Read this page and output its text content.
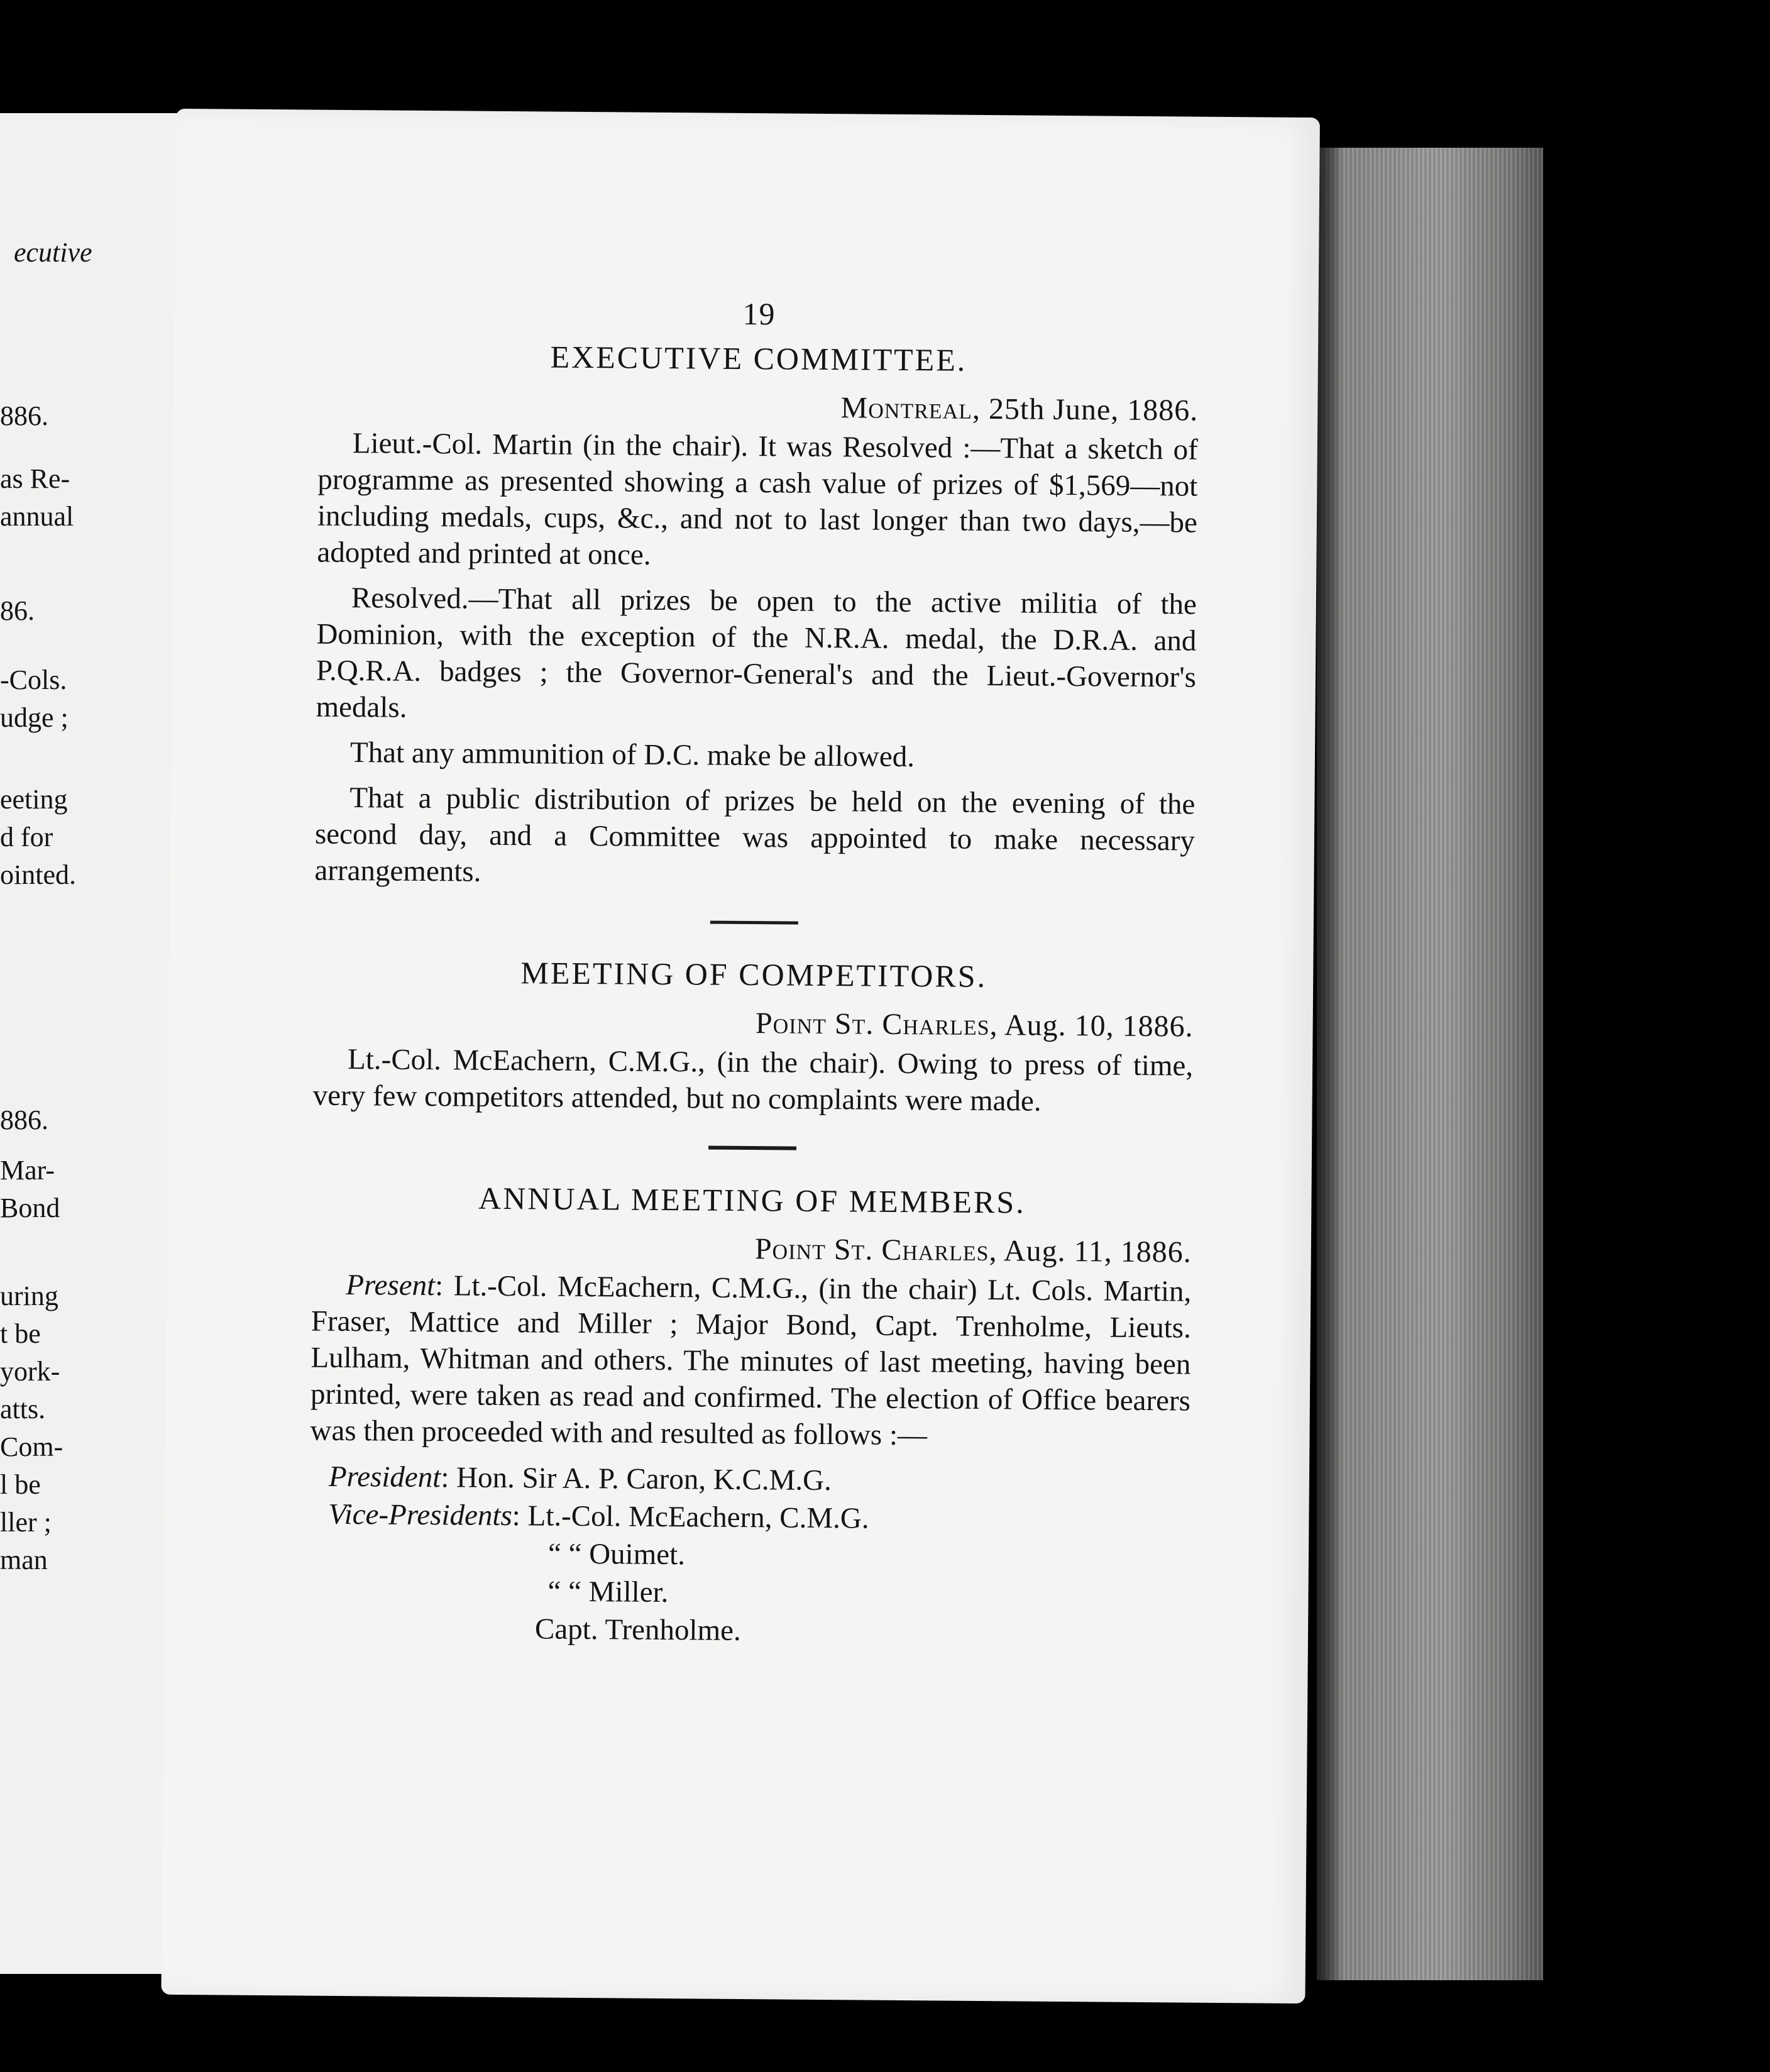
ecutive
886.
as Re-
annual
86.
-Cols.
udge ;
eeting
d for
ointed.
886.
Mar-
Bond
uring
t be
york-
atts.
Com-
l be
ller ;
man
19
EXECUTIVE COMMITTEE.
Montreal, 25th June, 1886.

Lieut.-Col. Martin (in the chair). It was Resolved :—That a sketch of programme as presented showing a cash value of prizes of $1,569—not including medals, cups, &c., and not to last longer than two days,—be adopted and printed at once.

Resolved.—That all prizes be open to the active militia of the Dominion, with the exception of the N.R.A. medal, the D.R.A. and P.Q.R.A. badges ; the Governor-General's and the Lieut.-Governor's medals.

That any ammunition of D.C. make be allowed.

That a public distribution of prizes be held on the evening of the second day, and a Committee was appointed to make necessary arrangements.

MEETING OF COMPETITORS.
Point St. Charles, Aug. 10, 1886.

Lt.-Col. McEachern, C.M.G., (in the chair). Owing to press of time, very few competitors attended, but no complaints were made.

ANNUAL MEETING OF MEMBERS.
Point St. Charles, Aug. 11, 1886.

Present: Lt.-Col. McEachern, C.M.G., (in the chair) Lt. Cols. Martin, Fraser, Mattice and Miller ; Major Bond, Capt. Trenholme, Lieuts. Lulham, Whitman and others. The minutes of last meeting, having been printed, were taken as read and confirmed. The election of Office bearers was then proceeded with and resulted as follows :—

President : Hon. Sir A. P. Caron, K.C.M.G.
Vice-Presidents : Lt.-Col. McEachern, C.M.G.
“ “ Ouimet.
“ “ Miller.
Capt. Trenholme.
